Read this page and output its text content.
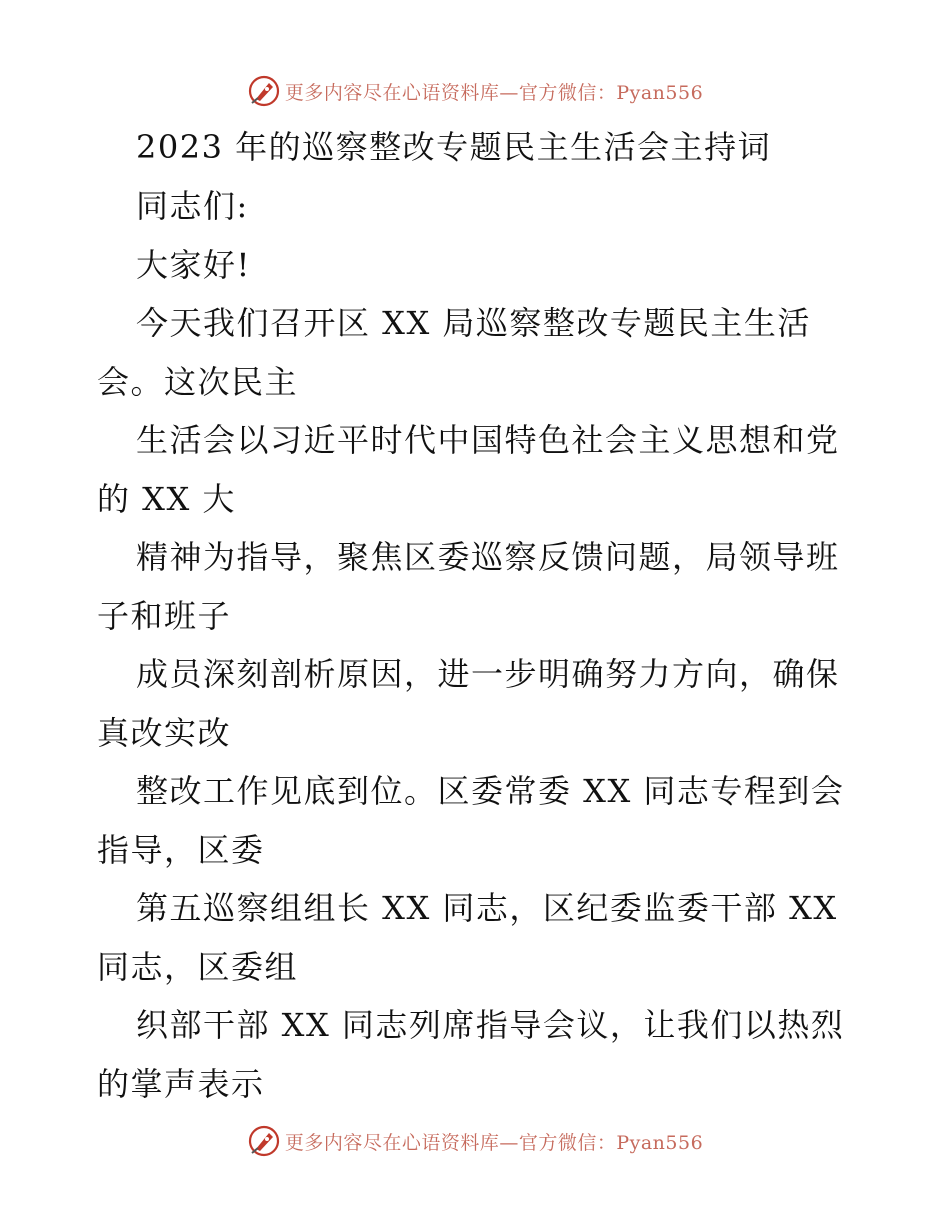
更多内容尽在心语资料库—官方微信：Pyan556
2023 年的巡察整改专题民主生活会主持词
同志们:
大家好!
今天我们召开区 XX 局巡察整改专题民主生活
会。这次民主
生活会以习近平时代中国特色社会主义思想和党
的 XX 大
精神为指导，聚焦区委巡察反馈问题，局领导班
子和班子
成员深刻剖析原因，进一步明确努力方向，确保
真改实改
整改工作见底到位。区委常委 XX 同志专程到会
指导，区委
第五巡察组组长 XX 同志，区纪委监委干部 XX
同志，区委组
织部干部 XX 同志列席指导会议，让我们以热烈
的掌声表示
更多内容尽在心语资料库—官方微信：Pyan556
